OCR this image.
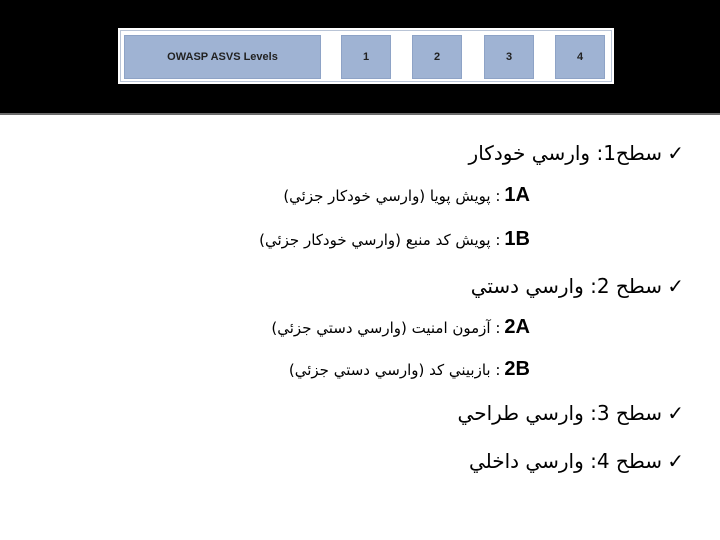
OWASP ASVS Levels	1	2	3	4
✓سطح1: وارسي خودکار
1A: پویش پویا (وارسي خودکار جزئي)
1B: پویش کد منبع (وارسي خودکار جزئي)
✓سطح 2: وارسي دستي
2A: آزمون امنیت (وارسي دستي جزئي)
2B: بازبیني کد (وارسي دستي جزئي)
✓سطح 3: وارسي طراحي
✓سطح 4: وارسي داخلي
